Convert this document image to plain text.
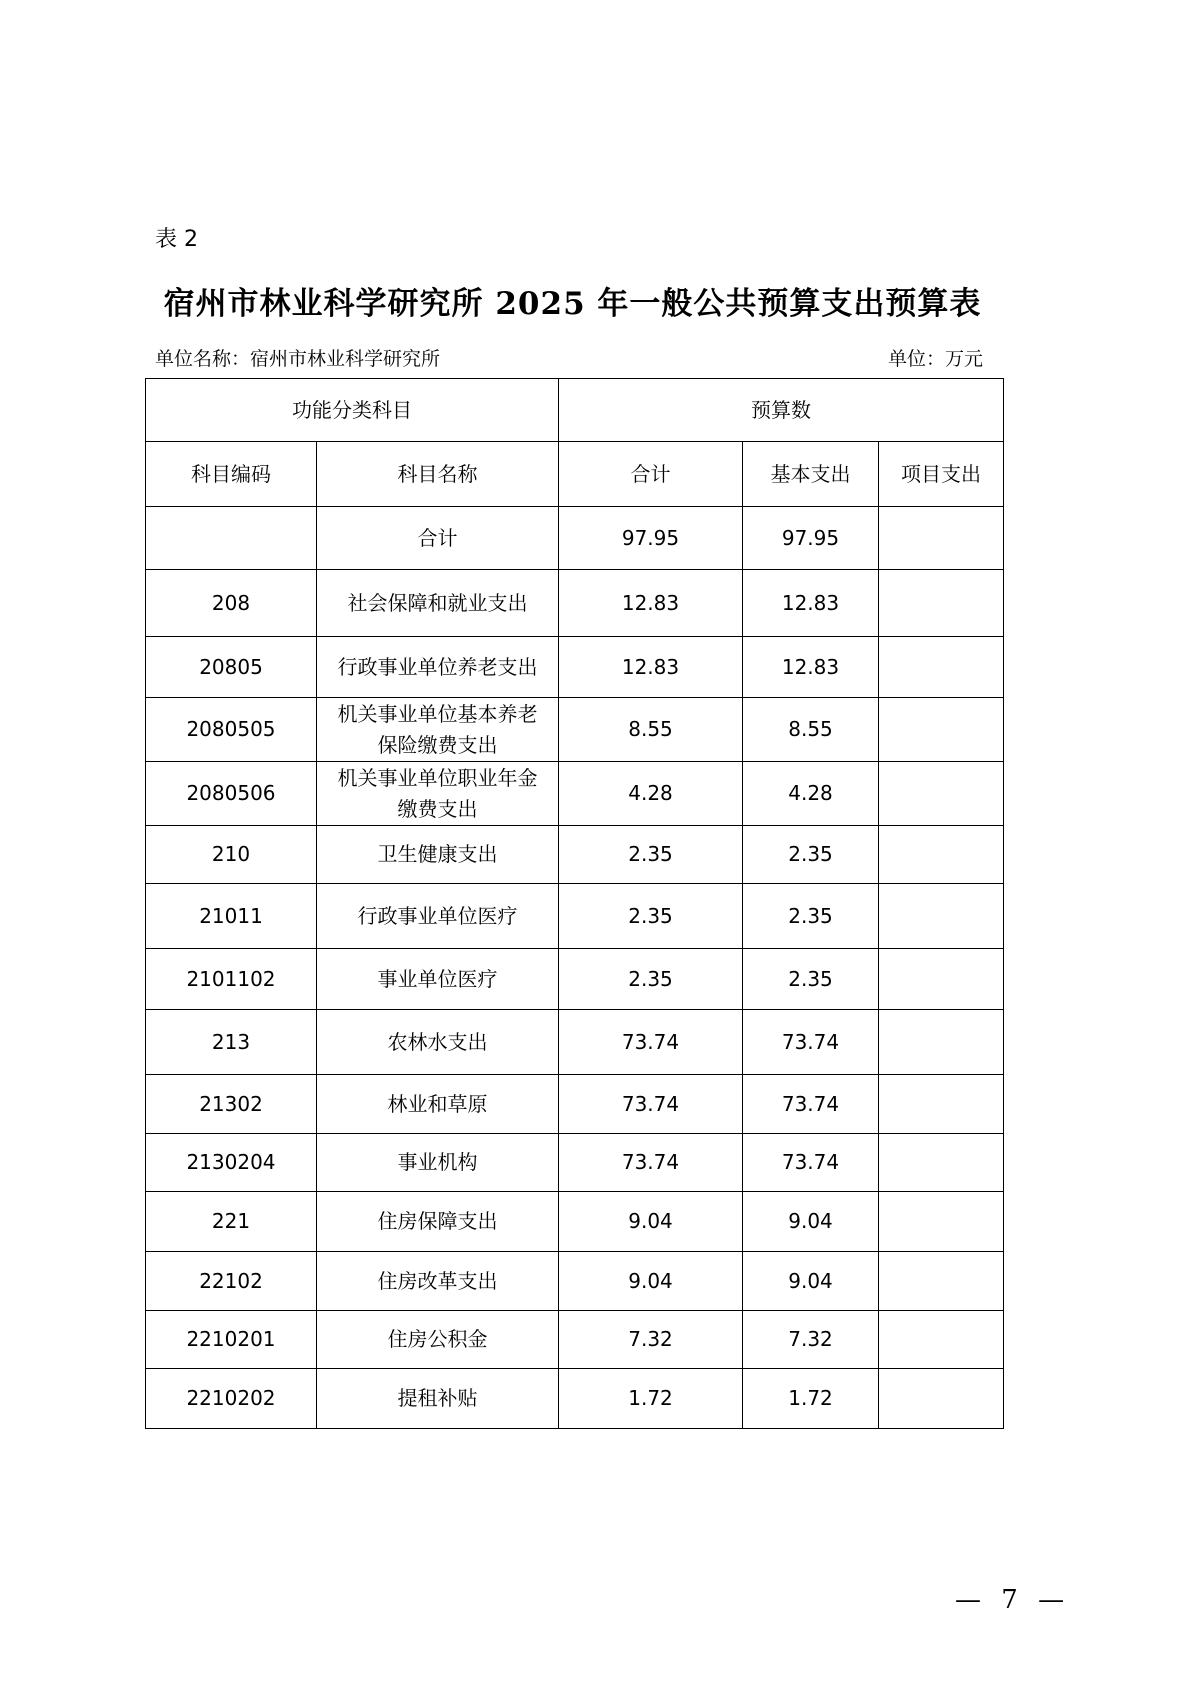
表 2
宿州市林业科学研究所 2025 年一般公共预算支出预算表
单位名称：宿州市林业科学研究所	单位：万元
功能分类科目		预算数		
科目编码	科目名称	合计	基本支出	项目支出
	合计	97.95	97.95	
208	社会保障和就业支出	12.83	12.83	
20805	行政事业单位养老支出	12.83	12.83	
2080505	机关事业单位基本养老保险缴费支出	8.55	8.55	
2080506	机关事业单位职业年金缴费支出	4.28	4.28	
210	卫生健康支出	2.35	2.35	
21011	行政事业单位医疗	2.35	2.35	
2101102	事业单位医疗	2.35	2.35	
213	农林水支出	73.74	73.74	
21302	林业和草原	73.74	73.74	
2130204	事业机构	73.74	73.74	
221	住房保障支出	9.04	9.04	
22102	住房改革支出	9.04	9.04	
2210201	住房公积金	7.32	7.32	
2210202	提租补贴	1.72	1.72	
— 7 —
